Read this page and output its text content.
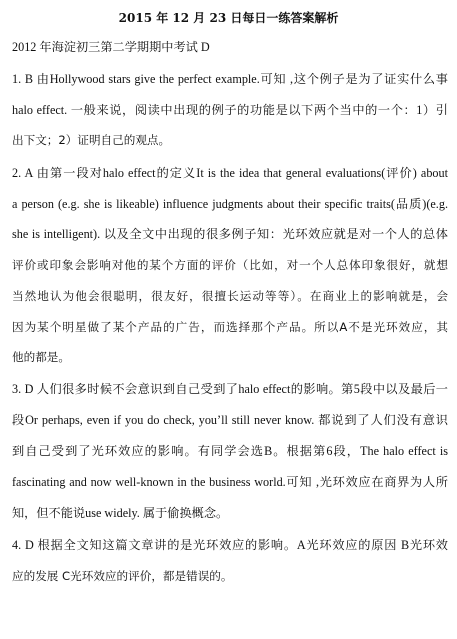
2015 年 12 月 23 日每日一练答案解析
2012 年海淀初三第二学期期中考试 D
1. B 由Hollywood stars give the perfect example.可知 ,这个例子是为了证实什么事
halo effect. 一般来说，阅读中出现的例子的功能是以下两个当中的一个：1）引
出下文；2）证明自己的观点。
2. A 由第一段对halo effect的定义It is the idea that general evaluations(评价) about
a person (e.g. she is likeable) influence judgments about their specific traits(品质)(e.g.
she is intelligent). 以及全文中出现的很多例子知：光环效应就是对一个人的总体
评价或印象会影响对他的某个方面的评价（比如，对一个人总体印象很好，就想
当然地认为他会很聪明，很友好，很擅长运动等等）。在商业上的影响就是，会
因为某个明星做了某个产品的广告，而选择那个产品。所以A不是光环效应，其
他的都是。
3. D 人们很多时候不会意识到自己受到了halo effect的影响。第5段中以及最后一
段Or perhaps, even if you do check, you’ll still never know. 都说到了人们没有意识
到自己受到了光环效应的影响。有同学会选B。根据第6段，The halo effect is
fascinating and now well-known in the business world.可知 ,光环效应在商界为人所
知，但不能说use widely. 属于偷换概念。
4. D 根据全文知这篇文章讲的是光环效应的影响。A光环效应的原因 B光环效
应的发展 C光环效应的评价，都是错误的。
